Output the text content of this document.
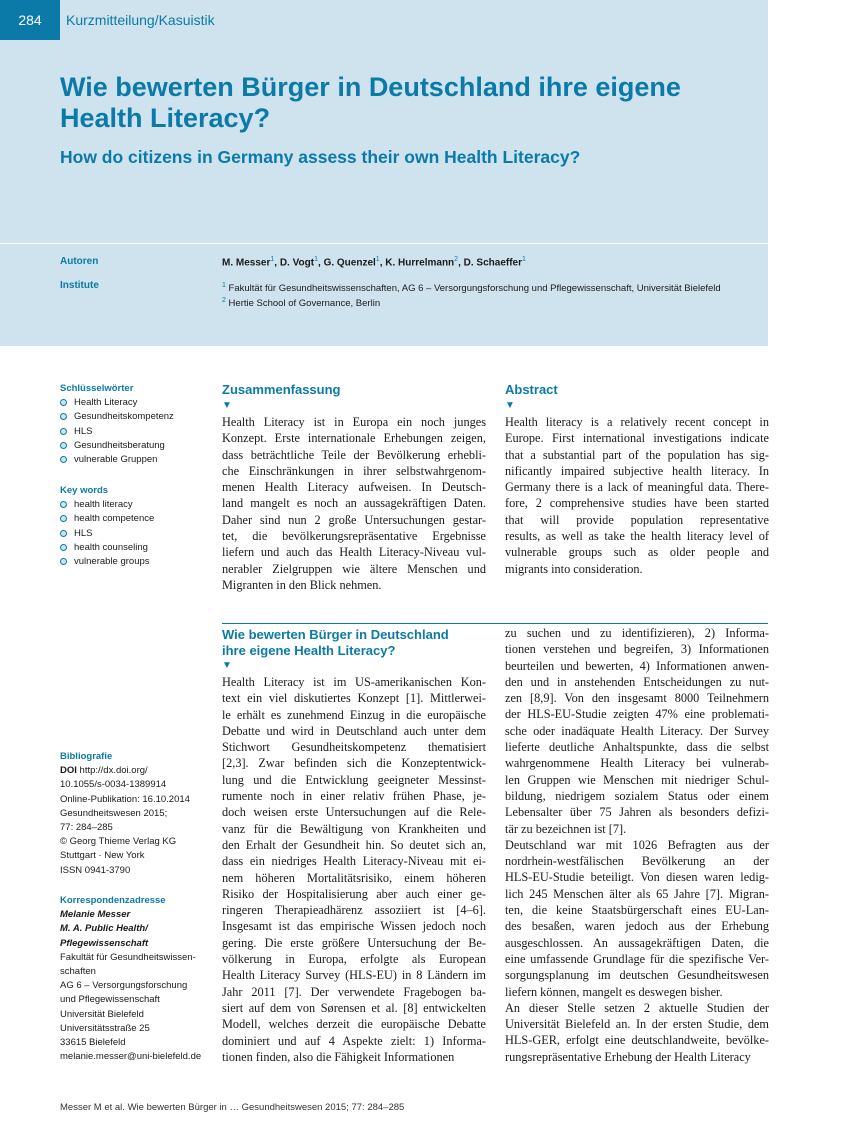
284	Kurzmitteilung/Kasuistik
Wie bewerten Bürger in Deutschland ihre eigene
Health Literacy?
How do citizens in Germany assess their own Health Literacy?
Autoren
Institute
M. Messer$^1$, D. Vogt$^1$, G. Quenzel$^1$, K. Hurrelmann$^2$, D. Schaeffer$^1$
$^1$ Fakultät für Gesundheitswissenschaften, AG 6 – Versorgungsforschung und Pflegewissenschaft, Universität Bielefeld
$^2$ Hertie School of Governance, Berlin
Schlüsselwörter
Health Literacy
Gesundheitskompetenz
HLS
Gesundheitsberatung
vulnerable Gruppen
Key words
health literacy
health competence
HLS
health counseling
vulnerable groups
Zusammenfassung
▼
Health Literacy ist in Europa ein noch junges
Konzept. Erste internationale Erhebungen zeigen,
dass beträchtliche Teile der Bevölkerung erhebli-
che Einschränkungen in ihrer selbstwahrgenom-
menen Health Literacy aufweisen. In Deutsch-
land mangelt es noch an aussagekräftigen Daten.
Daher sind nun 2 große Untersuchungen gestar-
tet, die bevölkerungsrepräsentative Ergebnisse
liefern und auch das Health Literacy-Niveau vul-
nerabler Zielgruppen wie ältere Menschen und
Migranten in den Blick nehmen.
Abstract
▼
Health literacy is a relatively recent concept in
Europe. First international investigations indicate
that a substantial part of the population has sig-
nificantly impaired subjective health literacy. In
Germany there is a lack of meaningful data. There-
fore, 2 comprehensive studies have been started
that will provide population representative
results, as well as take the health literacy level of
vulnerable groups such as older people and
migrants into consideration.
Wie bewerten Bürger in Deutschland
ihre eigene Health Literacy?
▼
Health Literacy ist im US-amerikanischen Kon-
text ein viel diskutiertes Konzept [1]. Mittlerwei-
le erhält es zunehmend Einzug in die europäische
Debatte und wird in Deutschland auch unter dem
Stichwort Gesundheitskompetenz thematisiert
[2,3]. Zwar befinden sich die Konzeptentwick-
lung und die Entwicklung geeigneter Messinst-
rumente noch in einer relativ frühen Phase, je-
doch weisen erste Untersuchungen auf die Rele-
vanz für die Bewältigung von Krankheiten und
den Erhalt der Gesundheit hin. So deutet sich an,
dass ein niedriges Health Literacy-Niveau mit ei-
nem höheren Mortalitätsrisiko, einem höheren
Risiko der Hospitalisierung aber auch einer ge-
ringeren Therapieadhärenz assoziiert ist [4–6].
Insgesamt ist das empirische Wissen jedoch noch
gering. Die erste größere Untersuchung der Be-
völkerung in Europa, erfolgte als European
Health Literacy Survey (HLS-EU) in 8 Ländern im
Jahr 2011 [7]. Der verwendete Fragebogen ba-
siert auf dem von Sørensen et al. [8] entwickelten
Modell, welches derzeit die europäische Debatte
dominiert und auf 4 Aspekte zielt: 1) Informa-
tionen finden, also die Fähigkeit Informationen
zu suchen und zu identifizieren), 2) Informa-
tionen verstehen und begreifen, 3) Informationen
beurteilen und bewerten, 4) Informationen anwen-
den und in anstehenden Entscheidungen zu nut-
zen [8,9]. Von den insgesamt 8000 Teilnehmern
der HLS-EU-Studie zeigten 47% eine problemati-
sche oder inadäquate Health Literacy. Der Survey
lieferte deutliche Anhaltspunkte, dass die selbst
wahrgenommene Health Literacy bei vulnerab-
len Gruppen wie Menschen mit niedriger Schul-
bildung, niedrigem sozialem Status oder einem
Lebensalter über 75 Jahren als besonders defizi-
tär zu bezeichnen ist [7].
Deutschland war mit 1026 Befragten aus der
nordrhein-westfälischen Bevölkerung an der
HLS-EU-Studie beteiligt. Von diesen waren ledig-
lich 245 Menschen älter als 65 Jahre [7]. Migran-
ten, die keine Staatsbürgerschaft eines EU-Lan-
des besaßen, waren jedoch aus der Erhebung
ausgeschlossen. An aussagekräftigen Daten, die
eine umfassende Grundlage für die spezifische Ver-
sorgungsplanung im deutschen Gesundheitswesen
liefern können, mangelt es deswegen bisher.
An dieser Stelle setzen 2 aktuelle Studien der
Universität Bielefeld an. In der ersten Studie, dem
HLS-GER, erfolgt eine deutschlandweite, bevölke-
rungsrepräsentative Erhebung der Health Literacy
Bibliografie
DOI http://dx.doi.org/
10.1055/s-0034-1389914
Online-Publikation: 16.10.2014
Gesundheitswesen 2015;
77: 284–285
© Georg Thieme Verlag KG
Stuttgart · New York
ISSN 0941-3790
Korrespondenzadresse
Melanie Messer
M. A. Public Health/
Pflegewissenschaft
Fakultät für Gesundheitswissen-
schaften
AG 6 – Versorgungsforschung
und Pflegewissenschaft
Universität Bielefeld
Universitätsstraße 25
33615 Bielefeld
melanie.messer@uni-bielefeld.de
Messer M et al. Wie bewerten Bürger in … Gesundheitswesen 2015; 77: 284–285
